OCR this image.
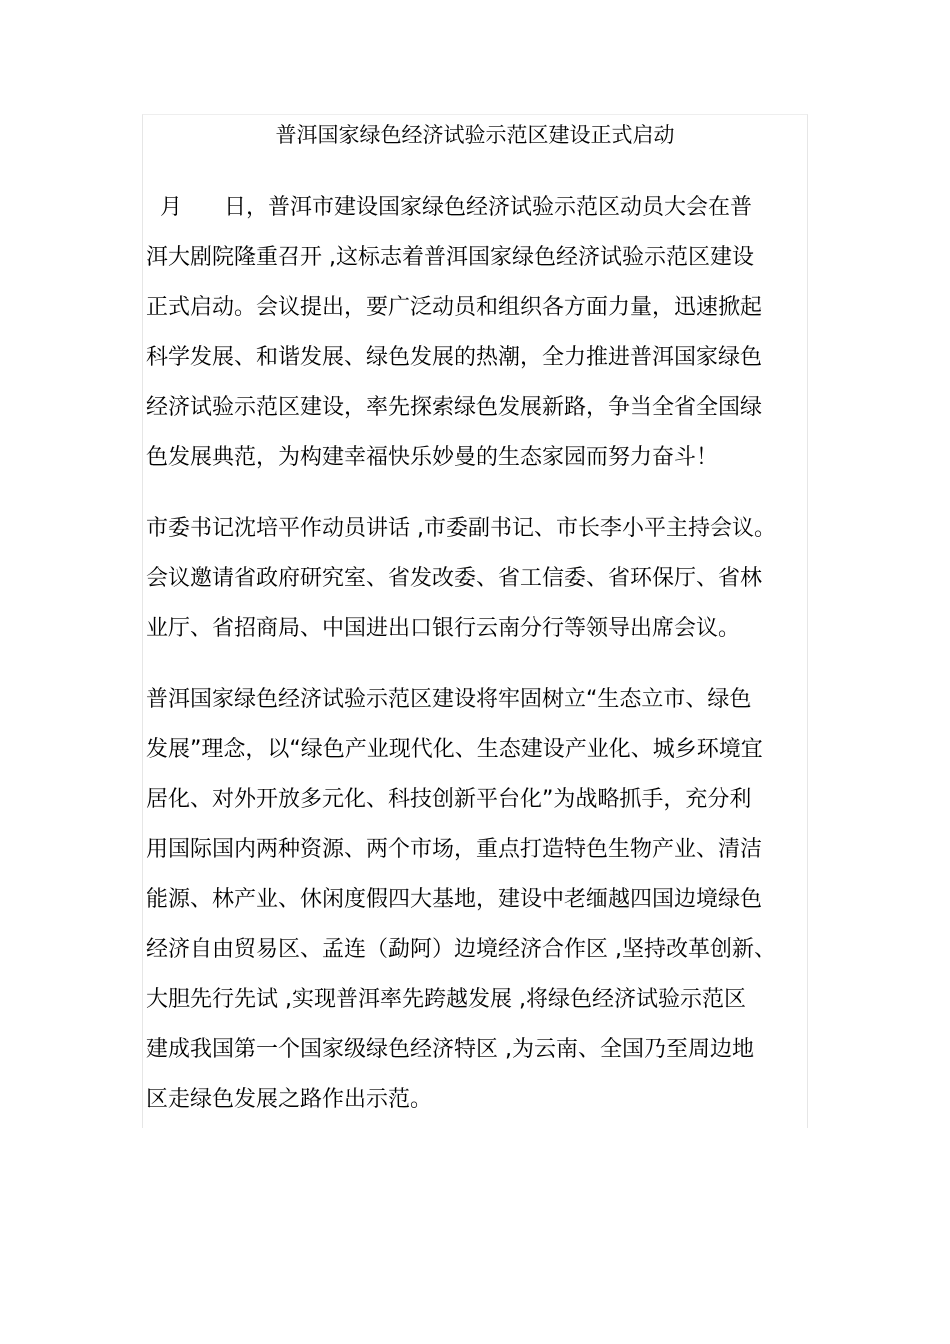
普洱国家绿色经济试验示范区建设正式启动

月      日，普洱市建设国家绿色经济试验示范区动员大会在普

洱大剧院隆重召开 ,这标志着普洱国家绿色经济试验示范区建设

正式启动。会议提出，要广泛动员和组织各方面力量，迅速掀起

科学发展、和谐发展、绿色发展的热潮，全力推进普洱国家绿色

经济试验示范区建设，率先探索绿色发展新路，争当全省全国绿

色发展典范，为构建幸福快乐妙曼的生态家园而努力奋斗！

市委书记沈培平作动员讲话 ,市委副书记、市长李小平主持会议。

会议邀请省政府研究室、省发改委、省工信委、省环保厅、省林

业厅、省招商局、中国进出口银行云南分行等领导出席会议。

普洱国家绿色经济试验示范区建设将牢固树立“生态立市、绿色

发展”理念，以“绿色产业现代化、生态建设产业化、城乡环境宜

居化、对外开放多元化、科技创新平台化”为战略抓手，充分利

用国际国内两种资源、两个市场，重点打造特色生物产业、清洁

能源、林产业、休闲度假四大基地，建设中老缅越四国边境绿色

经济自由贸易区、孟连（勐阿）边境经济合作区 ,坚持改革创新、

大胆先行先试 ,实现普洱率先跨越发展 ,将绿色经济试验示范区

建成我国第一个国家级绿色经济特区 ,为云南、全国乃至周边地

区走绿色发展之路作出示范。
